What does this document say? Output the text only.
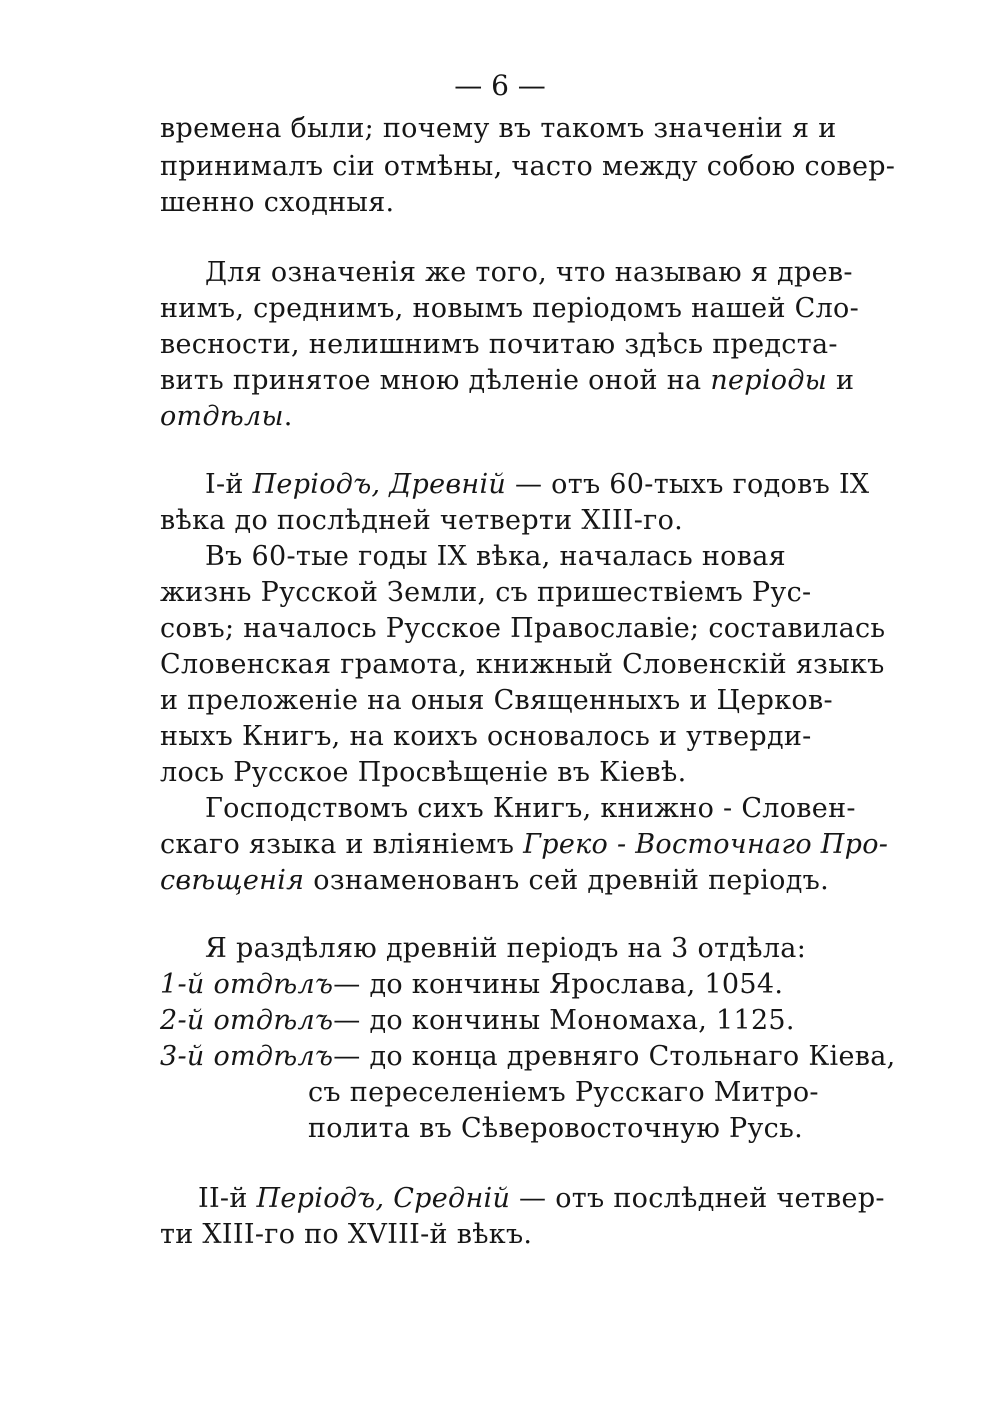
— 6 —
времена были; почему въ такомъ значеніи я и
принималъ сіи отмѣны, часто между собою совер-
шенно сходныя.
Для означенія же того, что называю я древ-
нимъ, среднимъ, новымъ періодомъ нашей Сло-
весности, нелишнимъ почитаю здѣсь предста-
вить принятое мною дѣленіе оной на періоды и
отдѣлы.
І-й Періодъ, Древній — отъ 60-тыхъ годовъ ІХ
вѣка до послѣдней четверти ХІІІ-го.
Въ 60-тые годы ІХ вѣка, началась новая
жизнь Русской Земли, съ пришествіемъ Рус-
совъ; началось Русское Православіе; составилась
Словенская грамота, книжный Словенскій языкъ
и преложеніе на оныя Священныхъ и Церков-
ныхъ Книгъ, на коихъ основалось и утверди-
лось Русское Просвѣщеніе въ Кіевѣ.
Господствомъ сихъ Книгъ, книжно - Словен-
скаго языка и вліяніемъ Греко - Восточнаго Про-
свѣщенія ознаменованъ сей древній періодъ.
Я раздѣляю древній періодъ на 3 отдѣла:
1-й отдѣлъ— до кончины Ярослава, 1054.
2-й отдѣлъ— до кончины Мономаха, 1125.
3-й отдѣлъ— до конца древняго Стольнаго Кіева,
съ переселеніемъ Русскаго Митро-
полита въ Сѣверовосточную Русь.
ІІ-й Періодъ, Средній — отъ послѣдней четвер-
ти ХІІІ-го по ХVІІІ-й вѣкъ.
